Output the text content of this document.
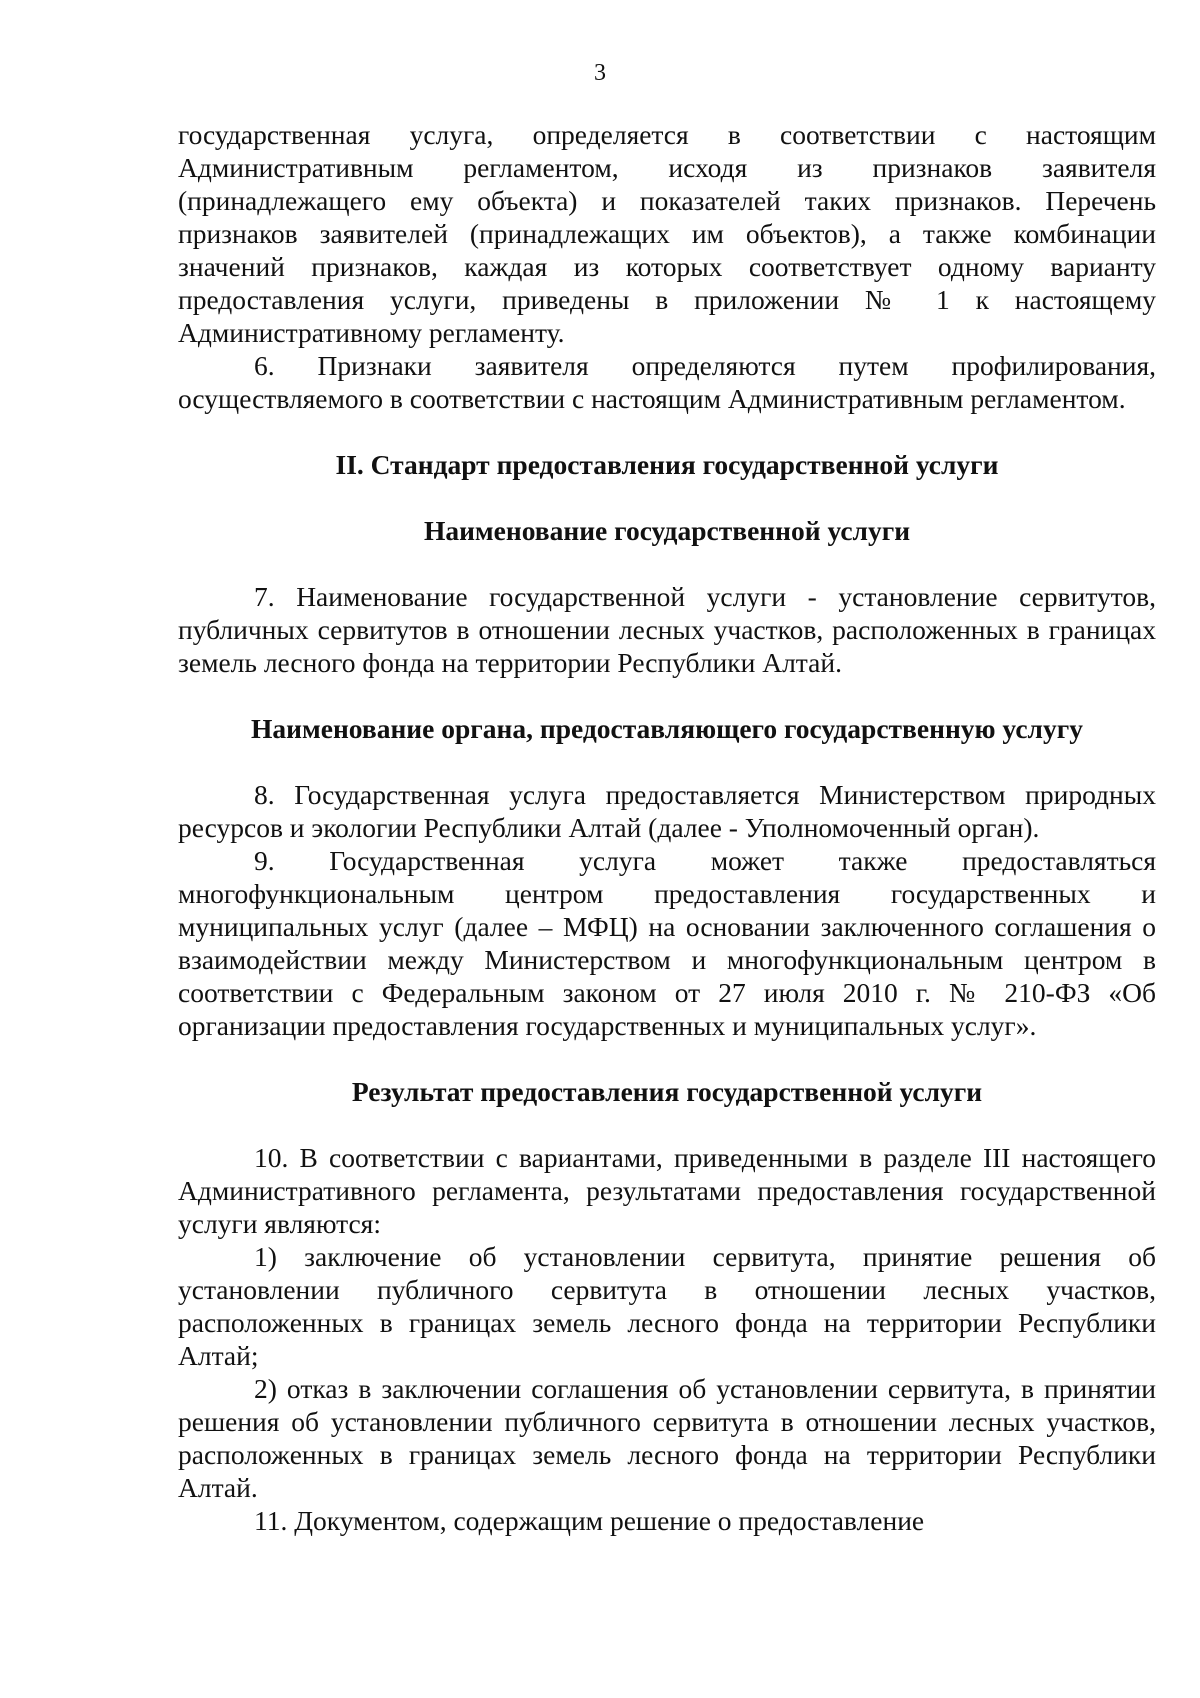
3

государственная услуга, определяется в соответствии с настоящим Административным регламентом, исходя из признаков заявителя (принадлежащего ему объекта) и показателей таких признаков. Перечень признаков заявителей (принадлежащих им объектов), а также комбинации значений признаков, каждая из которых соответствует одному варианту предоставления услуги, приведены в приложении № 1 к настоящему Административному регламенту.

6. Признаки заявителя определяются путем профилирования, осуществляемого в соответствии с настоящим Административным регламентом.

II. Стандарт предоставления государственной услуги

Наименование государственной услуги

7. Наименование государственной услуги - установление сервитутов, публичных сервитутов в отношении лесных участков, расположенных в границах земель лесного фонда на территории Республики Алтай.

Наименование органа, предоставляющего государственную услугу

8. Государственная услуга предоставляется Министерством природных ресурсов и экологии Республики Алтай (далее - Уполномоченный орган).

9. Государственная услуга может также предоставляться многофункциональным центром предоставления государственных и муниципальных услуг (далее – МФЦ) на основании заключенного соглашения о взаимодействии между Министерством и многофункциональным центром в соответствии с Федеральным законом от 27 июля 2010 г. № 210-ФЗ «Об организации предоставления государственных и муниципальных услуг».

Результат предоставления государственной услуги

10. В соответствии с вариантами, приведенными в разделе III настоящего Административного регламента, результатами предоставления государственной услуги являются:

1) заключение об установлении сервитута, принятие решения об установлении публичного сервитута в отношении лесных участков, расположенных в границах земель лесного фонда на территории Республики Алтай;

2) отказ в заключении соглашения об установлении сервитута, в принятии решения об установлении публичного сервитута в отношении лесных участков, расположенных в границах земель лесного фонда на территории Республики Алтай.

11. Документом, содержащим решение о предоставление
